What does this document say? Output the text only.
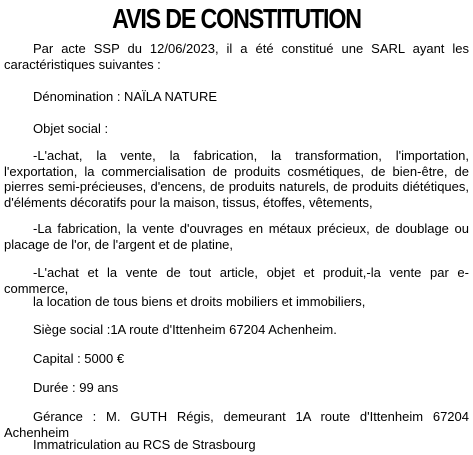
AVIS DE CONSTITUTION

Par acte SSP du 12/06/2023, il a été constitué une SARL ayant les caractéristiques suivantes :

Dénomination : NAÏLA NATURE

Objet social :

-L'achat, la vente, la fabrication, la transformation, l'importation, l'exportation, la commercialisation de produits cosmétiques, de bien-être, de pierres semi-précieuses, d'encens, de produits naturels, de produits diététiques, d'éléments décoratifs pour la maison, tissus, étoffes, vêtements,

-La fabrication, la vente d'ouvrages en métaux précieux, de doublage ou placage de l'or, de l'argent et de platine,

-L'achat et la vente de tout article, objet et produit,-la vente par e-commerce,

la location de tous biens et droits mobiliers et immobiliers,

Siège social :1A route d'Ittenheim 67204 Achenheim.

Capital : 5000 €

Durée : 99 ans

Gérance : M. GUTH Régis, demeurant 1A route d'Ittenheim 67204 Achenheim

Immatriculation au RCS de Strasbourg
